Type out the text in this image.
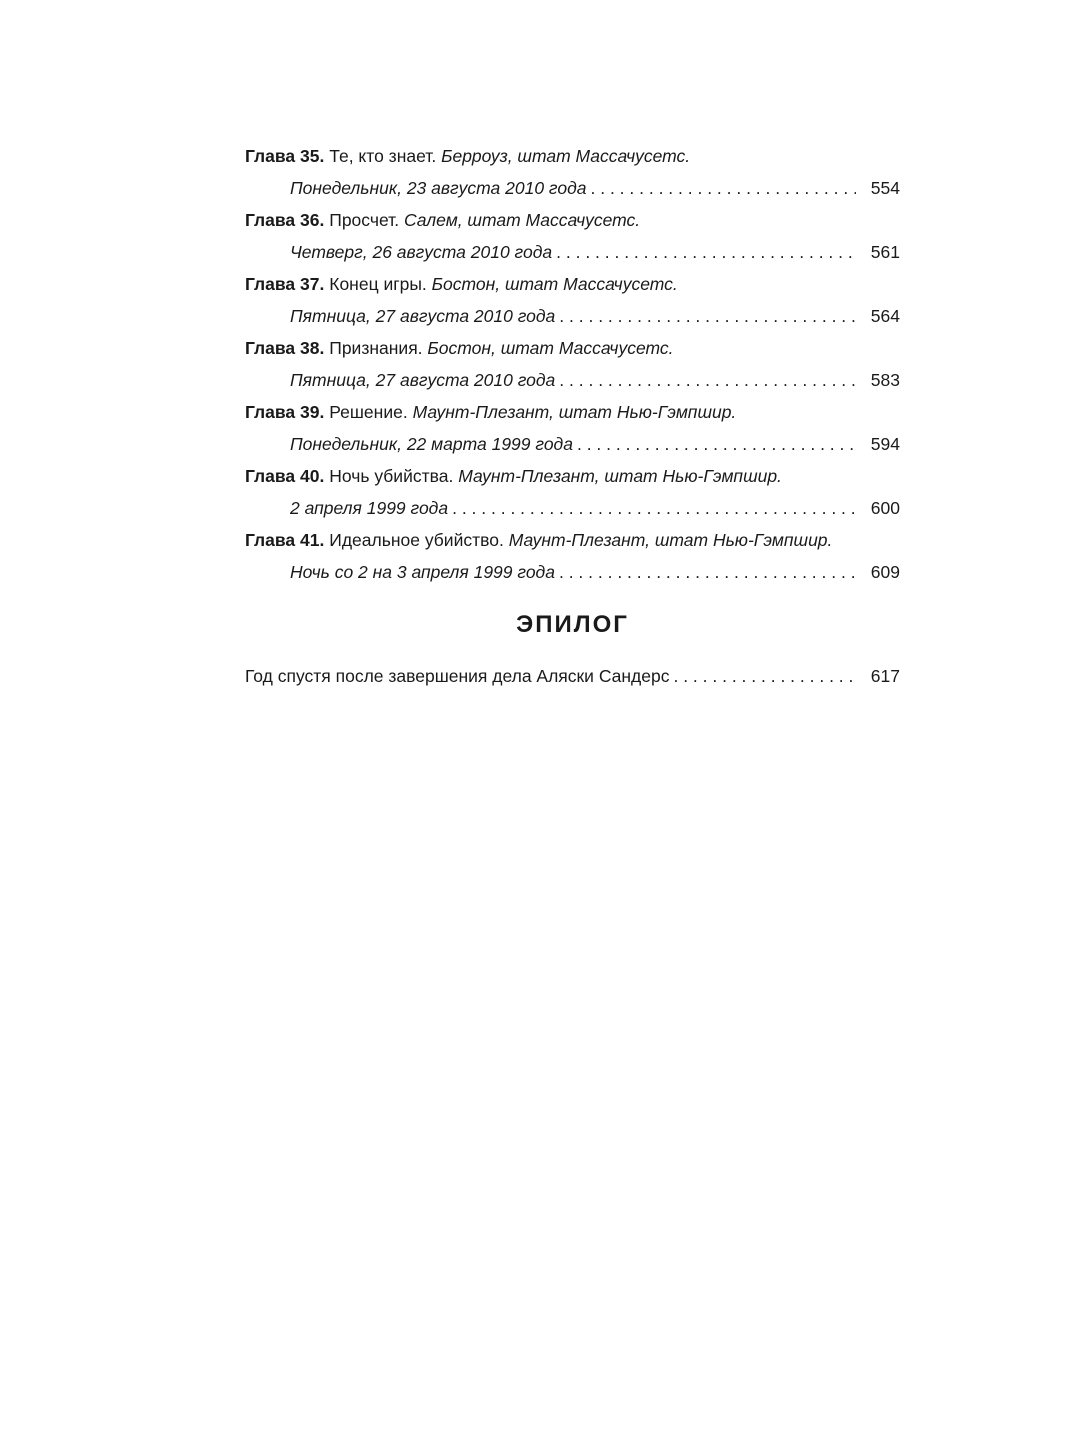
Глава 35. Те, кто знает. Берроуз, штат Массачусетс.
Понедельник, 23 августа 2010 года . . .	554
Глава 36. Просчет. Салем, штат Массачусетс.
Четверг, 26 августа 2010 года . . .	561
Глава 37. Конец игры. Бостон, штат Массачусетс.
Пятница, 27 августа 2010 года . . .	564
Глава 38. Признания. Бостон, штат Массачусетс.
Пятница, 27 августа 2010 года . . .	583
Глава 39. Решение. Маунт-Плезант, штат Нью-Гэмпшир.
Понедельник, 22 марта 1999 года . . .	594
Глава 40. Ночь убийства. Маунт-Плезант, штат Нью-Гэмпшир.
2 апреля 1999 года . . .	600
Глава 41. Идеальное убийство. Маунт-Плезант, штат Нью-Гэмпшир.
Ночь со 2 на 3 апреля 1999 года . . .	609
ЭПИЛОГ
Год спустя после завершения дела Аляски Сандерс . . .	617
